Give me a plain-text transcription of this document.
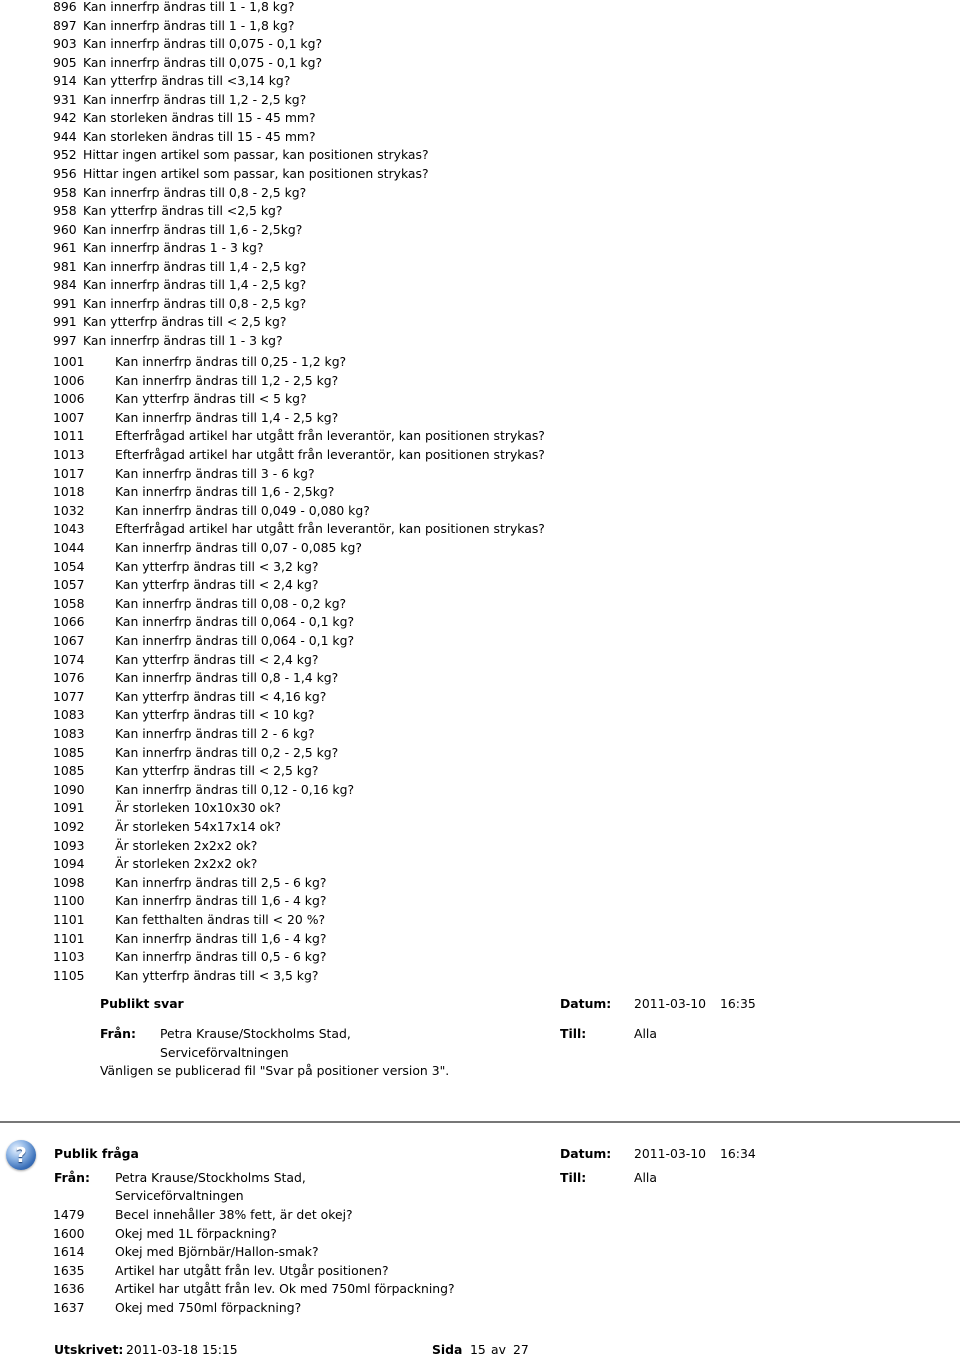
896 Kan innerfrp ändras till 1 - 1,8 kg?
897 Kan innerfrp ändras till 1 - 1,8 kg?
903 Kan innerfrp ändras till 0,075 - 0,1 kg?
905 Kan innerfrp ändras till 0,075 - 0,1 kg?
914 Kan ytterfrp ändras till <3,14 kg?
931 Kan innerfrp ändras till 1,2 - 2,5 kg?
942 Kan storleken ändras till 15 - 45 mm?
944 Kan storleken ändras till 15 - 45 mm?
952 Hittar ingen artikel som passar, kan positionen strykas?
956 Hittar ingen artikel som passar, kan positionen strykas?
958 Kan innerfrp ändras till 0,8 - 2,5 kg?
958 Kan ytterfrp ändras till <2,5 kg?
960 Kan innerfrp ändras till 1,6 - 2,5kg?
961 Kan innerfrp ändras 1 - 3 kg?
981 Kan innerfrp ändras till 1,4 - 2,5 kg?
984 Kan innerfrp ändras till 1,4 - 2,5 kg?
991 Kan innerfrp ändras till 0,8 - 2,5 kg?
991 Kan ytterfrp ändras till < 2,5 kg?
997 Kan innerfrp ändras till 1 - 3 kg?
1001 Kan innerfrp ändras till 0,25 - 1,2 kg?
1006 Kan innerfrp ändras till 1,2 - 2,5 kg?
1006 Kan ytterfrp ändras till < 5 kg?
1007 Kan innerfrp ändras till 1,4 - 2,5 kg?
1011 Efterfrågad artikel har utgått från leverantör, kan positionen strykas?
1013 Efterfrågad artikel har utgått från leverantör, kan positionen strykas?
1017 Kan innerfrp ändras till 3 - 6 kg?
1018 Kan innerfrp ändras till 1,6 - 2,5kg?
1032 Kan innerfrp ändras till 0,049 - 0,080 kg?
1043 Efterfrågad artikel har utgått från leverantör, kan positionen strykas?
1044 Kan innerfrp ändras till 0,07 - 0,085 kg?
1054 Kan ytterfrp ändras till < 3,2 kg?
1057 Kan ytterfrp ändras till < 2,4 kg?
1058 Kan innerfrp ändras till 0,08 - 0,2 kg?
1066 Kan innerfrp ändras till 0,064 - 0,1 kg?
1067 Kan innerfrp ändras till 0,064 - 0,1 kg?
1074 Kan ytterfrp ändras till < 2,4 kg?
1076 Kan innerfrp ändras till 0,8 - 1,4 kg?
1077 Kan ytterfrp ändras till < 4,16 kg?
1083 Kan ytterfrp ändras till < 10 kg?
1083 Kan innerfrp ändras till 2 - 6 kg?
1085 Kan innerfrp ändras till 0,2 - 2,5 kg?
1085 Kan ytterfrp ändras till < 2,5 kg?
1090 Kan innerfrp ändras till 0,12 - 0,16 kg?
1091 Är storleken 10x10x30 ok?
1092 Är storleken 54x17x14 ok?
1093 Är storleken 2x2x2 ok?
1094 Är storleken 2x2x2 ok?
1098 Kan innerfrp ändras till 2,5 - 6 kg?
1100 Kan innerfrp ändras till 1,6 - 4 kg?
1101 Kan fetthalten ändras till < 20 %?
1101 Kan innerfrp ändras till 1,6 - 4 kg?
1103 Kan innerfrp ändras till 0,5 - 6 kg?
1105 Kan ytterfrp ändras till < 3,5 kg?
Publikt svar	Datum: 2011-03-10 16:35
Från: Petra Krause/Stockholms Stad,
Serviceförvaltningen
Till:	Alla
Vänligen se publicerad fil "Svar på positioner version 3".
?	Publik fråga	Datum: 2011-03-10 16:34
Från: Petra Krause/Stockholms Stad,
Serviceförvaltningen
Till:	Alla
1479 Becel innehåller 38% fett, är det okej?
1600 Okej med 1L förpackning?
1614 Okej med Björnbär/Hallon-smak?
1635 Artikel har utgått från lev. Utgår positionen?
1636 Artikel har utgått från lev. Ok med 750ml förpackning?
1637 Okej med 750ml förpackning?
Utskrivet: 2011-03-18 15:15	Sida 15 av 27
